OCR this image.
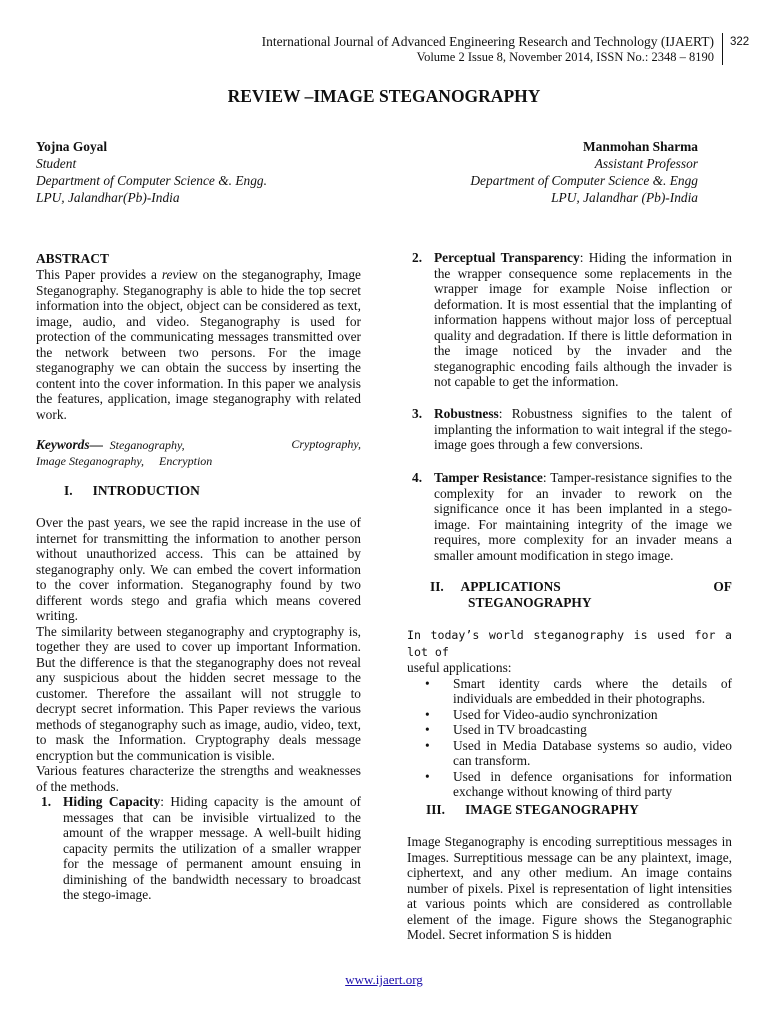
International Journal of Advanced Engineering Research and Technology (IJAERT)
Volume 2 Issue 8, November 2014, ISSN No.: 2348 – 8190
322
REVIEW –IMAGE STEGANOGRAPHY
Yojna Goyal
Student
Department of Computer Science &. Engg.
LPU, Jalandhar(Pb)-India
Manmohan Sharma
Assistant Professor
Department of Computer Science &. Engg
LPU, Jalandhar (Pb)-India
ABSTRACT

This Paper provides a review on the steganography, Image Steganography. Steganography is able to hide the top secret information into the object, object can be considered as text, image, audio, and video. Steganography is used for protection of the communicating messages transmitted over the network between two persons. For the image steganography we can obtain the success by inserting the content into the cover information. In this paper we analysis the features, application, image steganography with related work.

Keywords— Steganography,	Cryptography,
Image Steganography, Encryption
I. INTRODUCTION

Over the past years, we see the rapid increase in the use of internet for transmitting the information to another person without unauthorized access. This can be attained by steganography only. We can embed the covert information to the cover information. Steganography found by two different words stego and grafia which means covered writing.

The similarity between steganography and cryptography is, together they are used to cover up important Information. But the difference is that the steganography does not reveal any suspicious about the hidden secret message to the customer. Therefore the assailant will not struggle to decrypt secret information. This Paper reviews the various methods of steganography such as image, audio, video, text, to mask the Information. Cryptography deals message encryption but the communication is visible.

Various features characterize the strengths and weaknesses of the methods.

1. Hiding Capacity: Hiding capacity is the amount of messages that can be invisible virtualized to the amount of the wrapper message. A well-built hiding capacity permits the utilization of a smaller wrapper for the message of permanent amount ensuing in diminishing of the bandwidth necessary to broadcast the stego-image.
2. Perceptual Transparency: Hiding the information in the wrapper consequence some replacements in the wrapper image for example Noise inflection or deformation. It is most essential that the implanting of information happens without major loss of perceptual quality and degradation. If there is little deformation in the image noticed by the invader and the steganographic encoding fails although the invader is not capable to get the information.
3. Robustness: Robustness signifies to the talent of implanting the information to wait integral if the stego-image goes through a few conversions.
4. Tamper Resistance: Tamper-resistance signifies to the complexity for an invader to rework on the significance once it has been implanted in a stego-image. For maintaining integrity of the image we requires, more complexity for an invader means a smaller amount modification in stego image.
II. APPLICATIONS	OF
STEGANOGRAPHY

In today’s world steganography is used for a lot of
useful applications:

• Smart identity cards where the details of individuals are embedded in their photographs.
• Used for Video-audio synchronization
• Used in TV broadcasting
• Used in Media Database systems so audio, video can transform.
• Used in defence organisations for information exchange without knowing of third party
III. IMAGE STEGANOGRAPHY

Image Steganography is encoding surreptitious messages in Images. Surreptitious message can be any plaintext, image, ciphertext, and any other medium. An image contains number of pixels. Pixel is representation of light intensities at various points which are considered as controllable element of the image. Figure shows the Steganographic Model. Secret information S is hidden

www.ijaert.org
